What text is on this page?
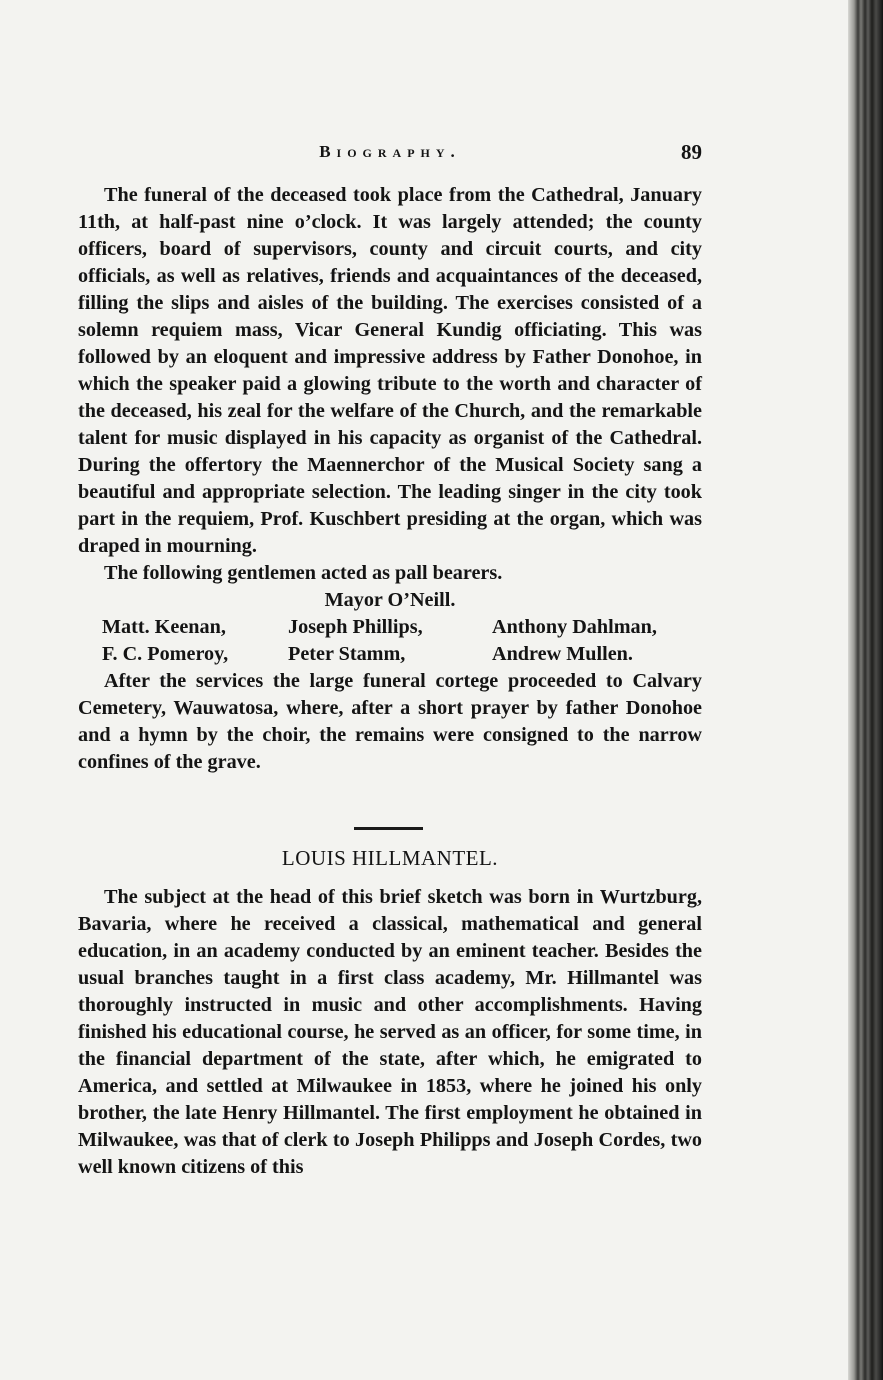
Biography.	89

The funeral of the deceased took place from the Cathedral, January 11th, at half-past nine o’clock. It was largely attended; the county officers, board of supervisors, county and circuit courts, and city officials, as well as relatives, friends and acquaintances of the deceased, filling the slips and aisles of the building. The exercises consisted of a solemn requiem mass, Vicar General Kundig officiating. This was followed by an eloquent and impressive address by Father Donohoe, in which the speaker paid a glowing tribute to the worth and character of the deceased, his zeal for the welfare of the Church, and the remarkable talent for music displayed in his capacity as organist of the Cathedral. During the offertory the Maennerchor of the Musical Society sang a beautiful and appropriate selection. The leading singer in the city took part in the requiem, Prof. Kuschbert presiding at the organ, which was draped in mourning.

The following gentlemen acted as pall bearers.

Mayor O’Neill.

Matt. Keenan,	Joseph Phillips,	Anthony Dahlman,
F. C. Pomeroy,	Peter Stamm,	Andrew Mullen.

After the services the large funeral cortege proceeded to Calvary Cemetery, Wauwatosa, where, after a short prayer by father Donohoe and a hymn by the choir, the remains were consigned to the narrow confines of the grave.

LOUIS HILLMANTEL.

The subject at the head of this brief sketch was born in Wurtzburg, Bavaria, where he received a classical, mathematical and general education, in an academy conducted by an eminent teacher. Besides the usual branches taught in a first class academy, Mr. Hillmantel was thoroughly instructed in music and other accomplishments. Having finished his educational course, he served as an officer, for some time, in the financial department of the state, after which, he emigrated to America, and settled at Milwaukee in 1853, where he joined his only brother, the late Henry Hillmantel. The first employment he obtained in Milwaukee, was that of clerk to Joseph Philipps and Joseph Cordes, two well known citizens of this
